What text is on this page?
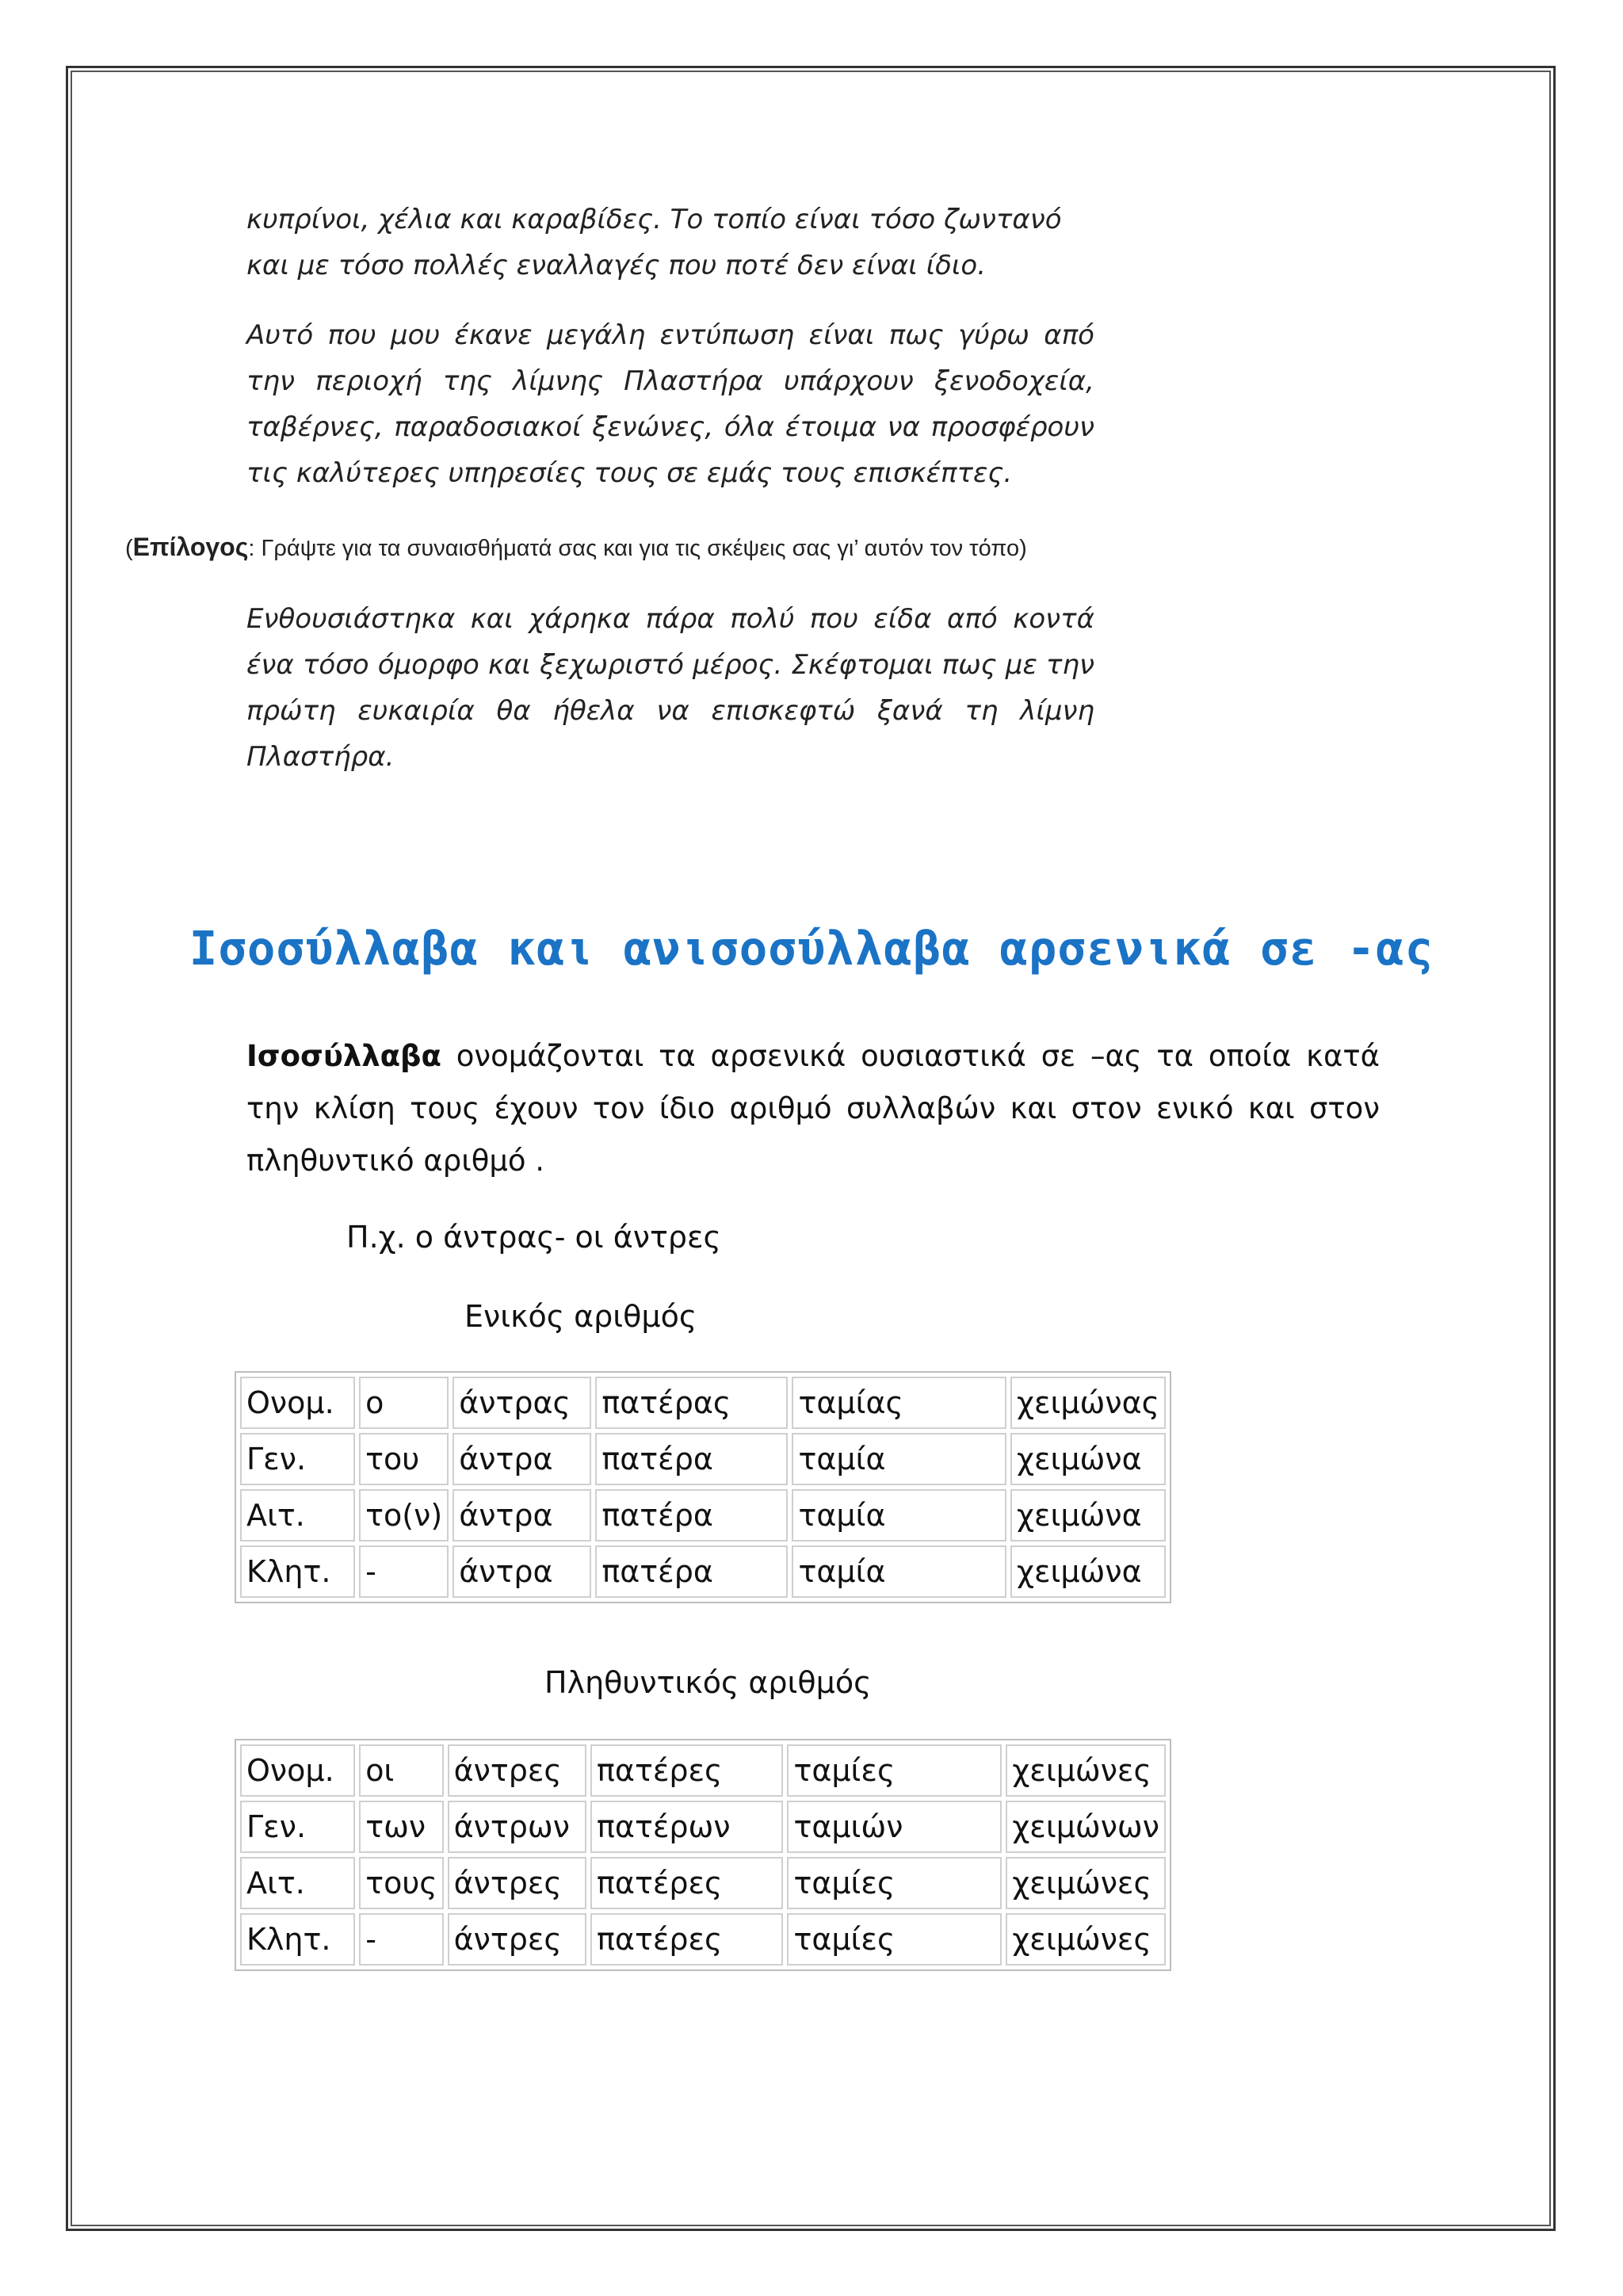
κυπρίνοι, χέλια και καραβίδες. Το τοπίο είναι τόσο ζωντανό και με τόσο πολλές εναλλαγές που ποτέ δεν είναι ίδιο.

Αυτό που μου έκανε μεγάλη εντύπωση είναι πως γύρω από την περιοχή της λίμνης Πλαστήρα υπάρχουν ξενοδοχεία, ταβέρνες, παραδοσιακοί ξενώνες, όλα έτοιμα να προσφέρουν τις καλύτερες υπηρεσίες τους σε εμάς τους επισκέπτες.

(Επίλογος: Γράψτε για τα συναισθήματά σας και για τις σκέψεις σας γι’ αυτόν τον τόπο)

Ενθουσιάστηκα και χάρηκα πάρα πολύ που είδα από κοντά ένα τόσο όμορφο και ξεχωριστό μέρος. Σκέφτομαι πως με την πρώτη ευκαιρία θα ήθελα να επισκεφτώ ξανά τη λίμνη Πλαστήρα.

Ισοσύλλαβα και ανισοσύλλαβα αρσενικά σε -ας

Ισοσύλλαβα ονομάζονται τα αρσενικά ουσιαστικά σε –ας τα οποία κατά την κλίση τους έχουν τον ίδιο αριθμό συλλαβών και στον ενικό και στον πληθυντικό αριθμό .

Π.χ. ο άντρας- οι άντρες

Ενικός αριθμός

Ονομ.	ο	άντρας	πατέρας	ταμίας	χειμώνας
Γεν.	του	άντρα	πατέρα	ταμία	χειμώνα
Αιτ.	το(ν)	άντρα	πατέρα	ταμία	χειμώνα
Κλητ.	-	άντρα	πατέρα	ταμία	χειμώνα

Πληθυντικός αριθμός

Ονομ.	οι	άντρες	πατέρες	ταμίες	χειμώνες
Γεν.	των	άντρων	πατέρων	ταμιών	χειμώνων
Αιτ.	τους	άντρες	πατέρες	ταμίες	χειμώνες
Κλητ.	-	άντρες	πατέρες	ταμίες	χειμώνες
